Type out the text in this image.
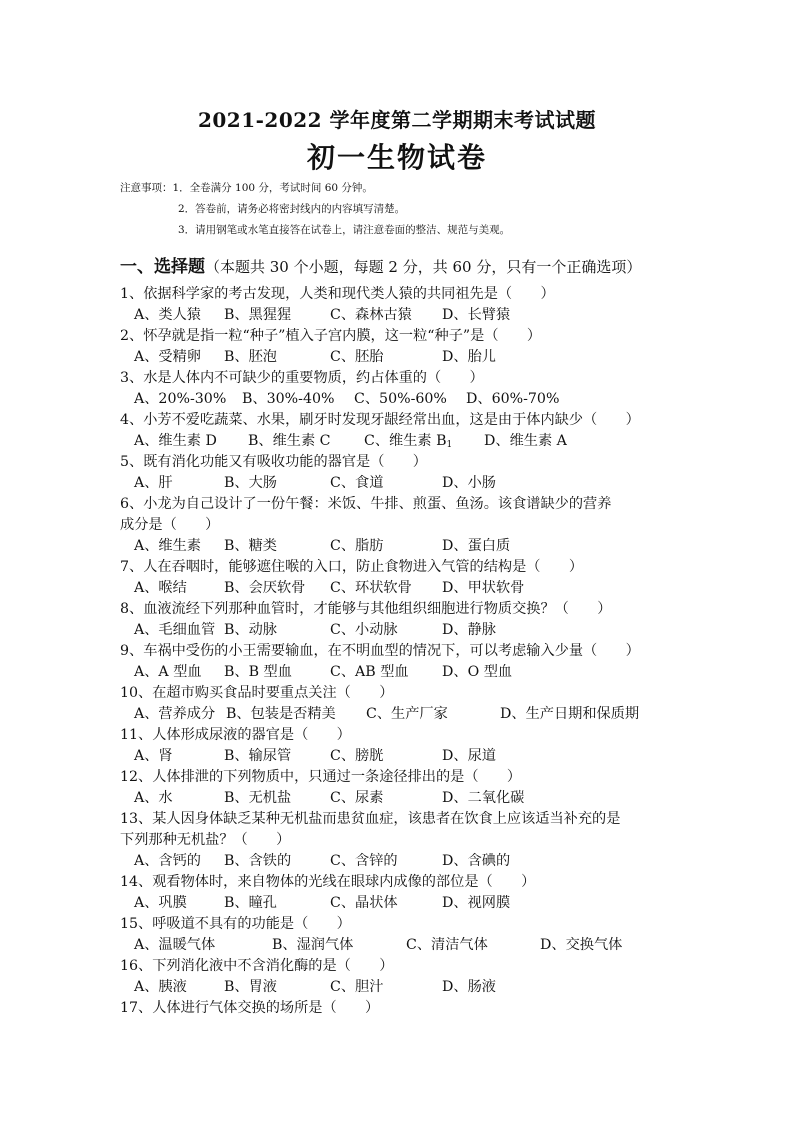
2021-2022 学年度第二学期期末考试试题
初一生物试卷
注意事项：1．全卷满分 100 分，考试时间 60 分钟。
2．答卷前，请务必将密封线内的内容填写清楚。
3．请用钢笔或水笔直接答在试卷上，请注意卷面的整洁、规范与美观。
一、选择题（本题共 30 个小题，每题 2 分，共 60 分，只有一个正确选项）
1、依据科学家的考古发现，人类和现代类人猿的共同祖先是（　　）
A、类人猿 B、黑猩猩	C、森林古猿 D、长臂猿
2、怀孕就是指一粒“种子”植入子宫内膜，这一粒“种子”是（　　）
A、受精卵 B、胚泡	C、胚胎	D、胎儿
3、水是人体内不可缺少的重要物质，约占体重的（　　）
A、20%-30% B、30%-40% C、50%-60% D、60%-70%
4、小芳不爱吃蔬菜、水果，刷牙时发现牙龈经常出血，这是由于体内缺少（　　）
A、维生素 D B、维生素 C C、维生素 $B_1$ D、维生素 A
5、既有消化功能又有吸收功能的器官是（　　）
A、肝	B、大肠	C、食道	D、小肠
6、小龙为自己设计了一份午餐：米饭、牛排、煎蛋、鱼汤。该食谱缺少的营养
成分是（　　）
A、维生素 B、糖类	C、脂肪	D、蛋白质
7、人在吞咽时，能够遮住喉的入口，防止食物进入气管的结构是（　　）
A、喉结	B、会厌软骨 C、环状软骨 D、甲状软骨
8、血液流经下列那种血管时，才能够与其他组织细胞进行物质交换？（　　）
A、毛细血管 B、动脉	C、小动脉	D、静脉
9、车祸中受伤的小王需要输血，在不明血型的情况下，可以考虑输入少量（　　）
A、A 型血 B、B 型血	C、AB 型血 D、O 型血
10、在超市购买食品时要重点关注（　　）
A、营养成分 B、包装是否精美 C、生产厂家	D、生产日期和保质期
11、人体形成尿液的器官是（　　）
A、肾	B、输尿管	C、膀胱	D、尿道
12、人体排泄的下列物质中，只通过一条途径排出的是（　　）
A、水	B、无机盐	C、尿素	D、二氧化碳
13、某人因身体缺乏某种无机盐而患贫血症，该患者在饮食上应该适当补充的是
下列那种无机盐？（　　）
A、含钙的 B、含铁的	C、含锌的	D、含碘的
14、观看物体时，来自物体的光线在眼球内成像的部位是（　　）
A、巩膜	B、瞳孔	C、晶状体	D、视网膜
15、呼吸道不具有的功能是（　　）
A、温暖气体	B、湿润气体	C、清洁气体	D、交换气体
16、下列消化液中不含消化酶的是（　　）
A、胰液	B、胃液	C、胆汁	D、肠液
17、人体进行气体交换的场所是（　　）
